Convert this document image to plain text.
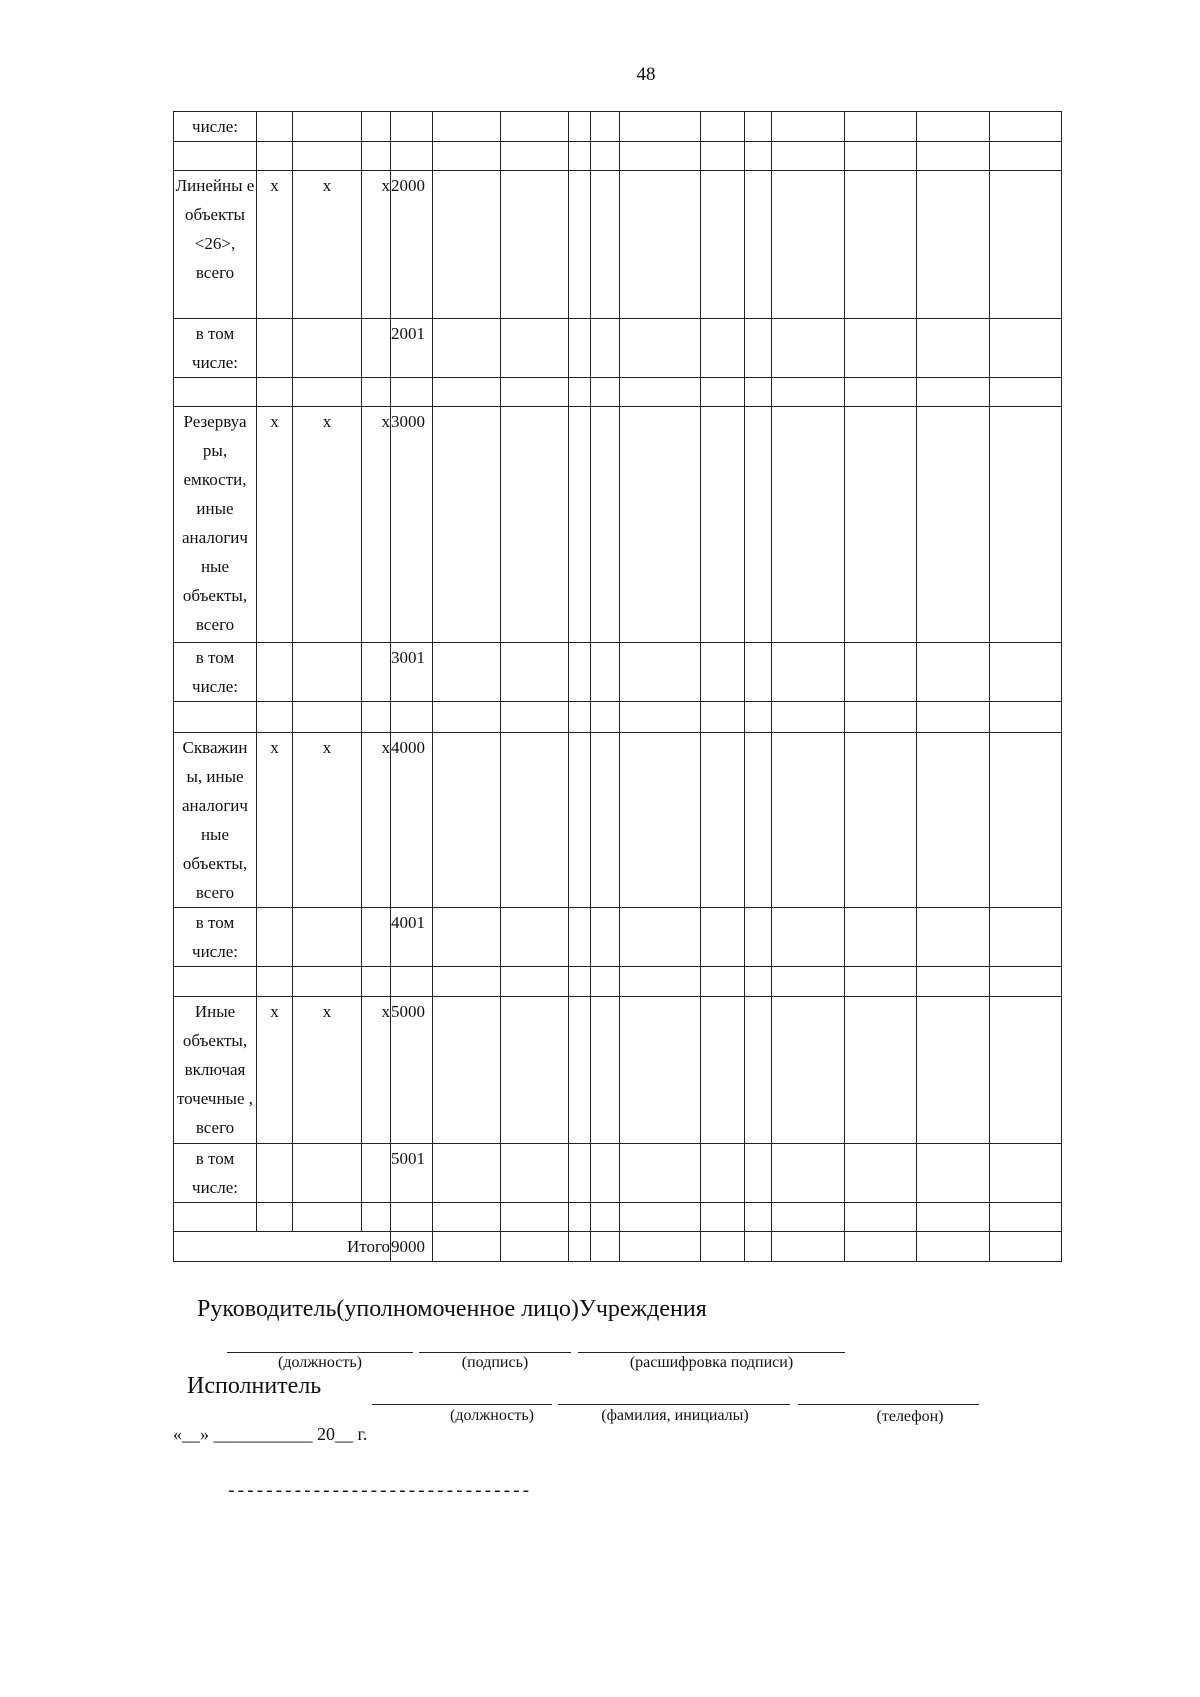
48
числе:															

Линейны е объекты <26>, всего	х	х	х	2000											
в том числе:				2001											

Резервуа ры, емкости, иные аналогич ные объекты, всего	х	х	х	3000											
в том числе:				3001											

Скважин ы, иные аналогич ные объекты, всего	х	х	х	4000											
в том числе:				4001											

Иные объекты, включая точечные , всего	х	х	х	5000											
в том числе:				5001											

Итого				9000											
Руководитель(уполномоченное лицо)Учреждения
(должность)	(подпись)	(расшифровка подписи)
Исполнитель
(должность)	(фамилия, инициалы)	(телефон)
«__» ___________ 20__ г.
--------------------------------
